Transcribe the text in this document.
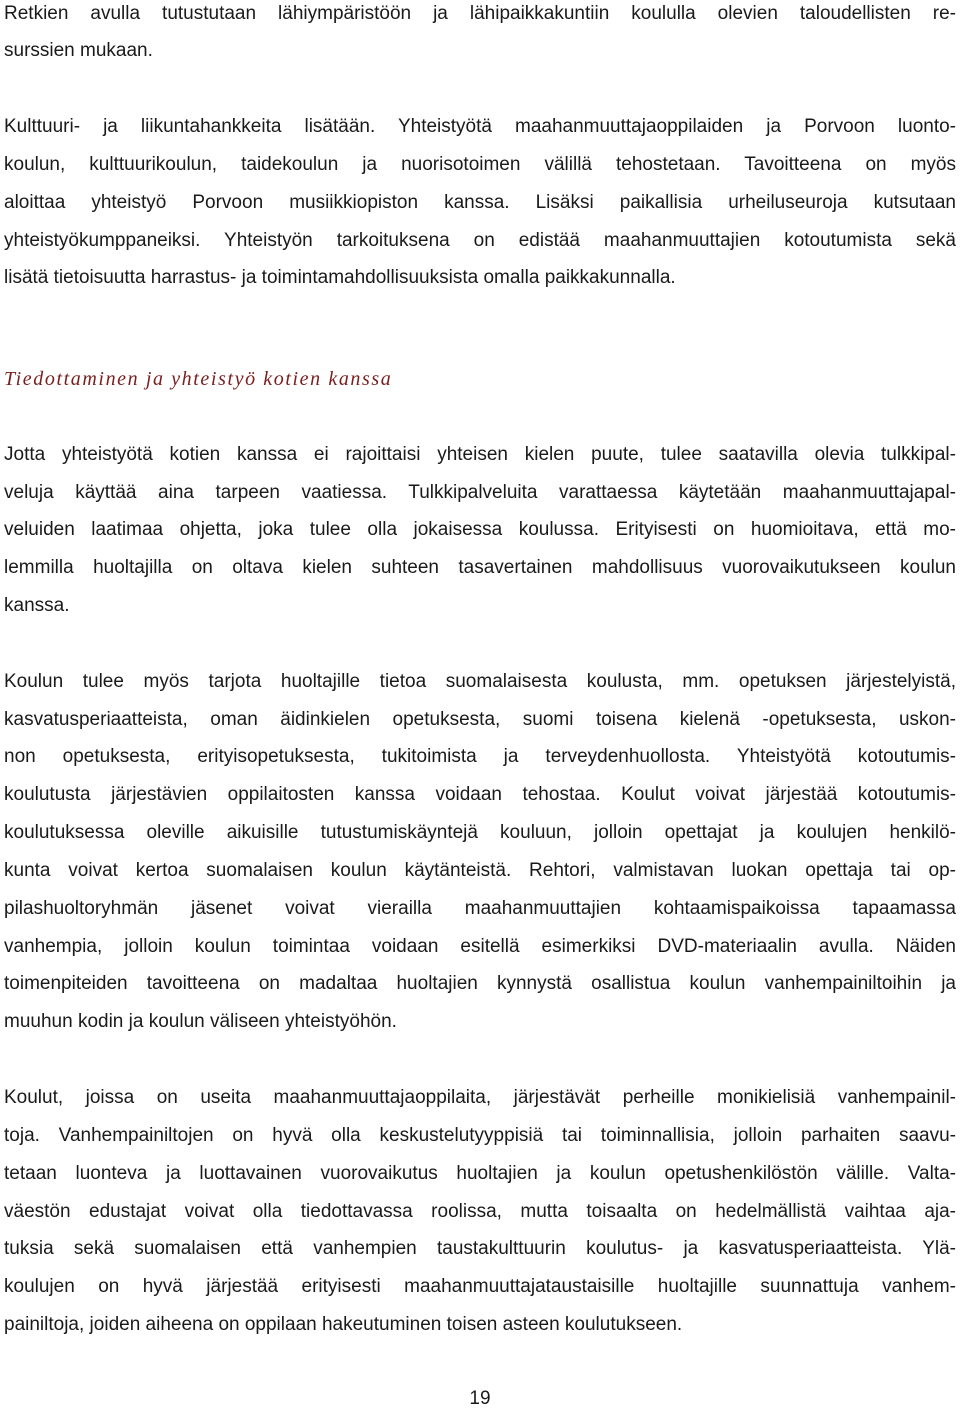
Retkien avulla tutustutaan lähiympäristöön ja lähipaikkakuntiin koululla olevien taloudellisten re-
surssien mukaan.
Kulttuuri- ja liikuntahankkeita lisätään. Yhteistyötä maahanmuuttajaoppilaiden ja Porvoon luonto-
koulun, kulttuurikoulun, taidekoulun ja nuorisotoimen välillä tehostetaan. Tavoitteena on myös
aloittaa yhteistyö Porvoon musiikkiopiston kanssa. Lisäksi paikallisia urheiluseuroja kutsutaan
yhteistyökumppaneiksi. Yhteistyön tarkoituksena on edistää maahanmuuttajien kotoutumista sekä
lisätä tietoisuutta harrastus- ja toimintamahdollisuuksista omalla paikkakunnalla.
Tiedottaminen ja yhteistyö kotien kanssa
Jotta yhteistyötä kotien kanssa ei rajoittaisi yhteisen kielen puute, tulee saatavilla olevia tulkkipal-
veluja käyttää aina tarpeen vaatiessa. Tulkkipalveluita varattaessa käytetään maahanmuuttajapal-
veluiden laatimaa ohjetta, joka tulee olla jokaisessa koulussa. Erityisesti on huomioitava, että mo-
lemmilla huoltajilla on oltava kielen suhteen tasavertainen mahdollisuus vuorovaikutukseen koulun
kanssa.
Koulun tulee myös tarjota huoltajille tietoa suomalaisesta koulusta, mm. opetuksen järjestelyistä,
kasvatusperiaatteista, oman äidinkielen opetuksesta, suomi toisena kielenä -opetuksesta, uskon-
non opetuksesta, erityisopetuksesta, tukitoimista ja terveydenhuollosta. Yhteistyötä kotoutumis-
koulutusta järjestävien oppilaitosten kanssa voidaan tehostaa. Koulut voivat järjestää kotoutumis-
koulutuksessa oleville aikuisille tutustumiskäyntejä kouluun, jolloin opettajat ja koulujen henkilö-
kunta voivat kertoa suomalaisen koulun käytänteistä. Rehtori, valmistavan luokan opettaja tai op-
pilashuoltoryhmän jäsenet voivat vierailla maahanmuuttajien kohtaamispaikoissa tapaamassa
vanhempia, jolloin koulun toimintaa voidaan esitellä esimerkiksi DVD-materiaalin avulla. Näiden
toimenpiteiden tavoitteena on madaltaa huoltajien kynnystä osallistua koulun vanhempainiltoihin ja
muuhun kodin ja koulun väliseen yhteistyöhön.
Koulut, joissa on useita maahanmuuttajaoppilaita, järjestävät perheille monikielisiä vanhempainil-
toja. Vanhempainiltojen on hyvä olla keskustelutyyppisiä tai toiminnallisia, jolloin parhaiten saavu-
tetaan luonteva ja luottavainen vuorovaikutus huoltajien ja koulun opetushenkilöstön välille. Valta-
väestön edustajat voivat olla tiedottavassa roolissa, mutta toisaalta on hedelmällistä vaihtaa aja-
tuksia sekä suomalaisen että vanhempien taustakulttuurin koulutus- ja kasvatusperiaatteista. Ylä-
koulujen on hyvä järjestää erityisesti maahanmuuttajataustaisille huoltajille suunnattuja vanhem-
painiltoja, joiden aiheena on oppilaan hakeutuminen toisen asteen koulutukseen.
19
